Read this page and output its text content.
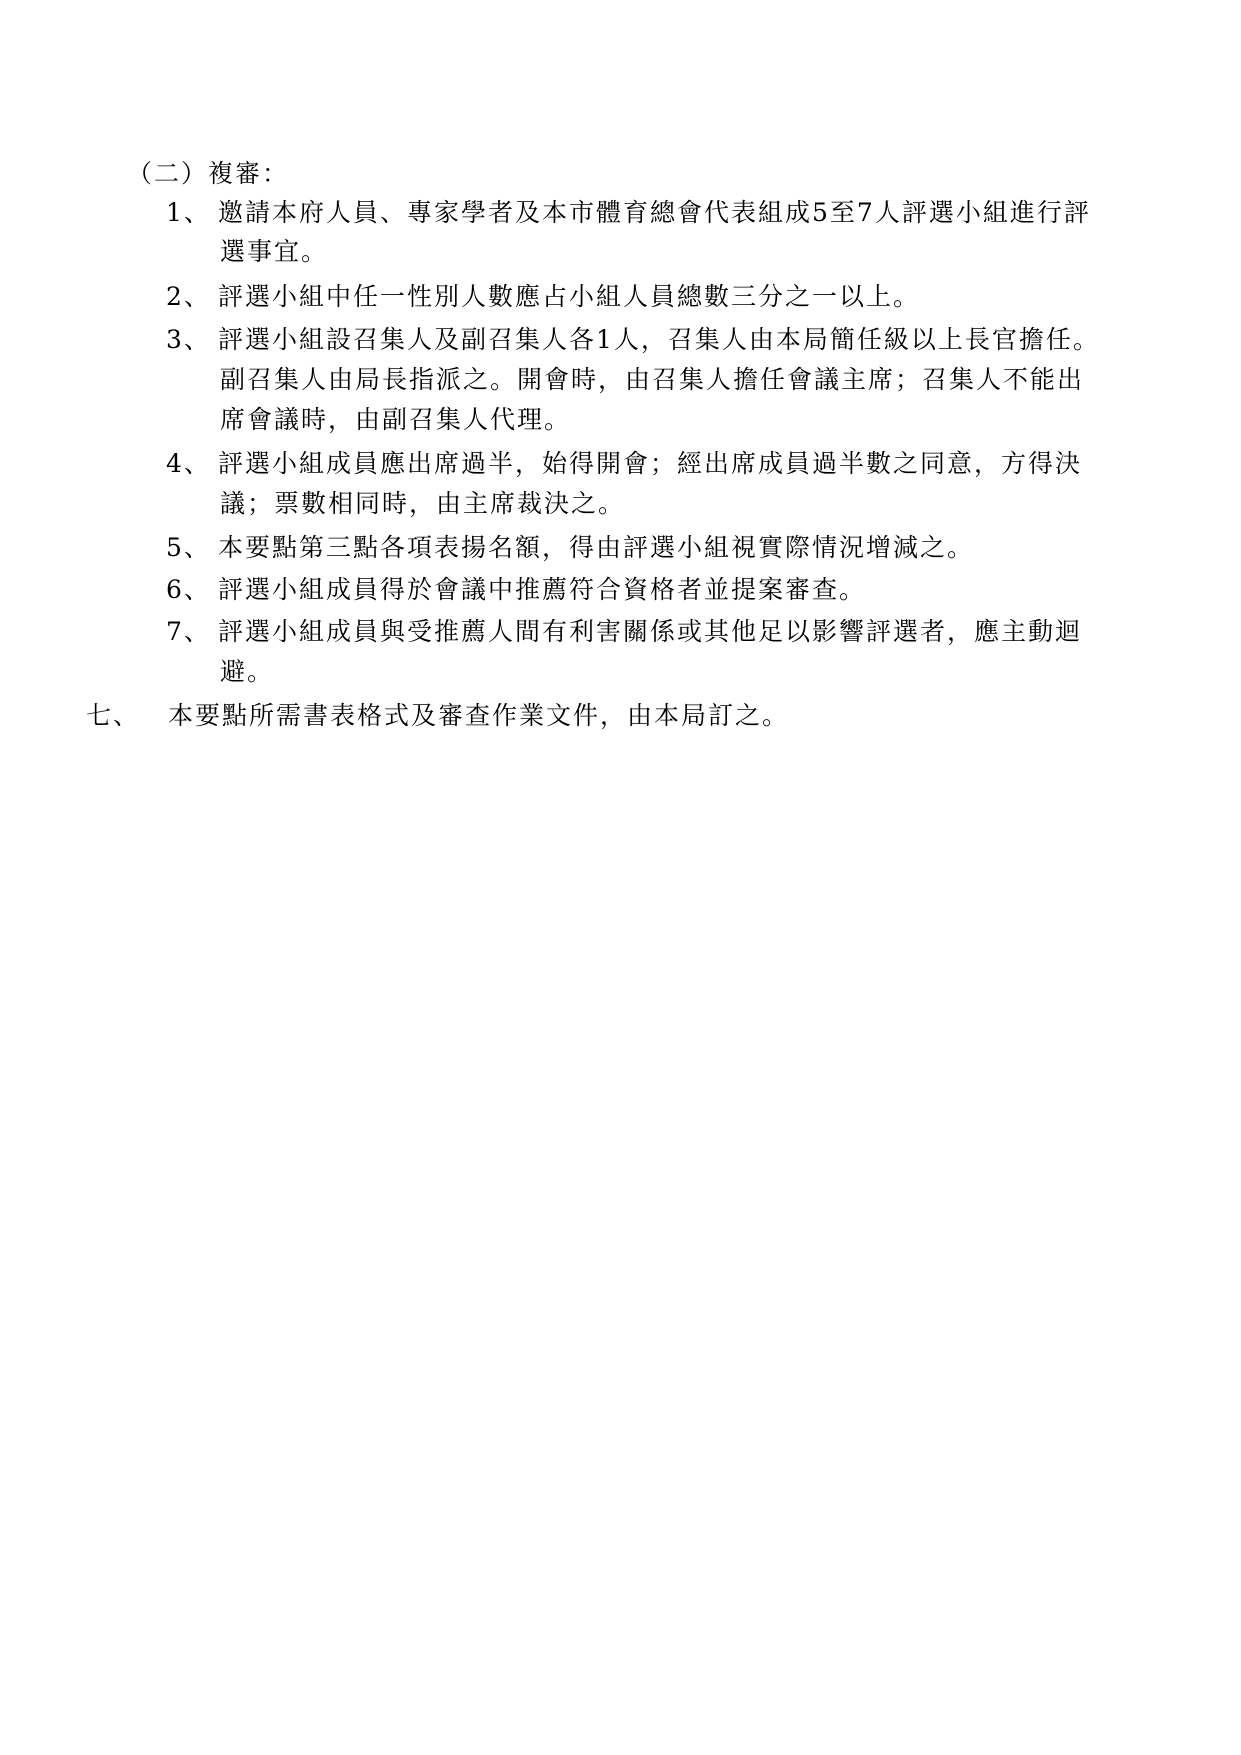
（二）複審：
1、 邀請本府人員、專家學者及本市體育總會代表組成5至7人評選小組進行評
選事宜。
2、 評選小組中任一性別人數應占小組人員總數三分之一以上。
3、 評選小組設召集人及副召集人各1人，召集人由本局簡任級以上長官擔任。
副召集人由局長指派之。開會時，由召集人擔任會議主席；召集人不能出
席會議時，由副召集人代理。
4、 評選小組成員應出席過半，始得開會；經出席成員過半數之同意，方得決
議；票數相同時，由主席裁決之。
5、 本要點第三點各項表揚名額，得由評選小組視實際情況增減之。
6、 評選小組成員得於會議中推薦符合資格者並提案審查。
7、 評選小組成員與受推薦人間有利害關係或其他足以影響評選者，應主動迴
避。
七、 本要點所需書表格式及審查作業文件，由本局訂之。
